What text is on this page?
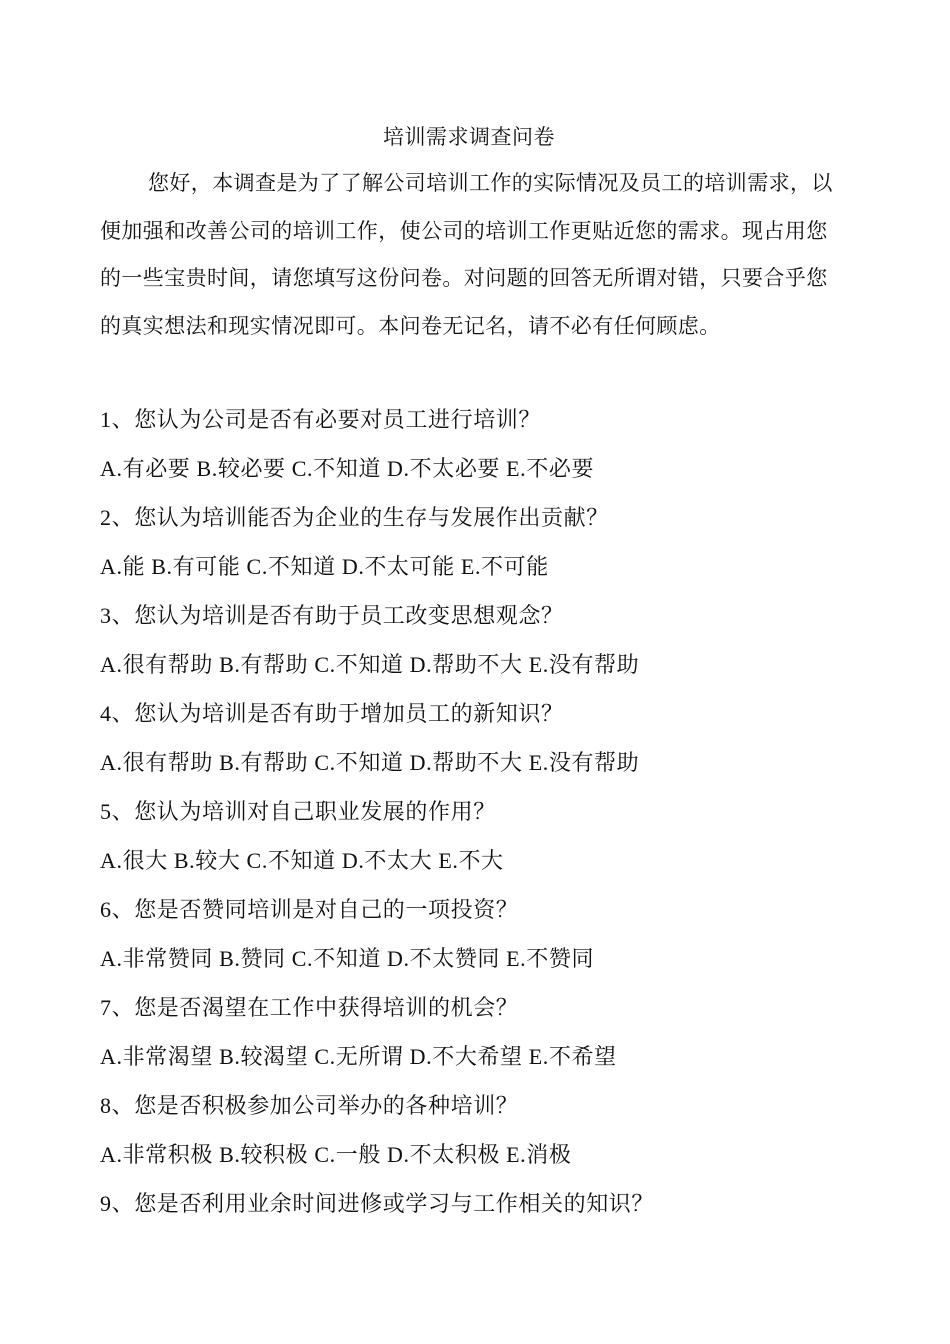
培训需求调查问卷

您好，本调查是为了了解公司培训工作的实际情况及员工的培训需求，以便加强和改善公司的培训工作，使公司的培训工作更贴近您的需求。现占用您的一些宝贵时间，请您填写这份问卷。对问题的回答无所谓对错，只要合乎您的真实想法和现实情况即可。本问卷无记名，请不必有任何顾虑。

1、您认为公司是否有必要对员工进行培训？
A.有必要 B.较必要 C.不知道 D.不太必要 E.不必要
2、您认为培训能否为企业的生存与发展作出贡献？
A.能 B.有可能 C.不知道 D.不太可能 E.不可能
3、您认为培训是否有助于员工改变思想观念？
A.很有帮助 B.有帮助 C.不知道 D.帮助不大 E.没有帮助
4、您认为培训是否有助于增加员工的新知识？
A.很有帮助 B.有帮助 C.不知道 D.帮助不大 E.没有帮助
5、您认为培训对自己职业发展的作用？
A.很大 B.较大 C.不知道 D.不太大 E.不大
6、您是否赞同培训是对自己的一项投资？
A.非常赞同 B.赞同 C.不知道 D.不太赞同 E.不赞同
7、您是否渴望在工作中获得培训的机会？
A.非常渴望 B.较渴望 C.无所谓 D.不大希望 E.不希望
8、您是否积极参加公司举办的各种培训？
A.非常积极 B.较积极 C.一般 D.不太积极 E.消极
9、您是否利用业余时间进修或学习与工作相关的知识？
